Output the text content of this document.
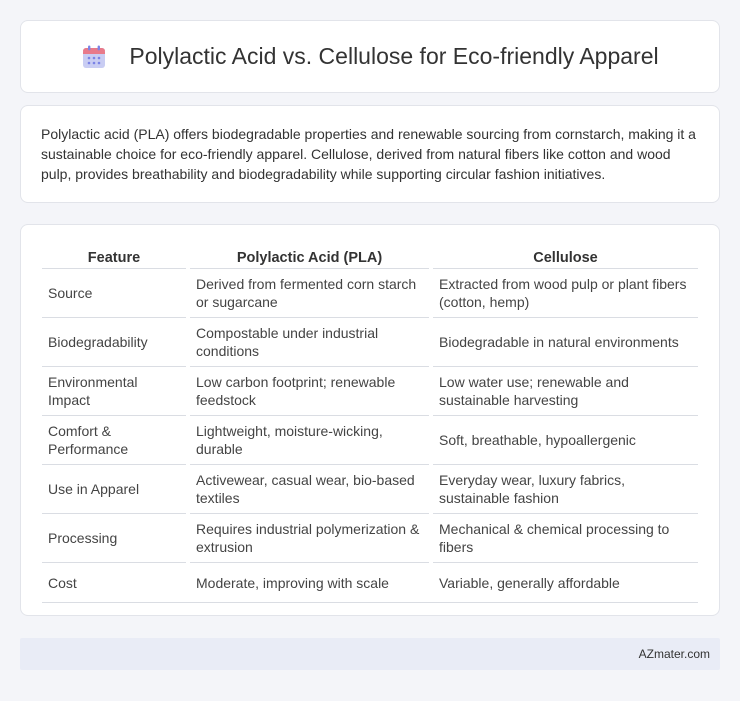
Polylactic Acid vs. Cellulose for Eco-friendly Apparel

Polylactic acid (PLA) offers biodegradable properties and renewable sourcing from cornstarch, making it a sustainable choice for eco-friendly apparel. Cellulose, derived from natural fibers like cotton and wood pulp, provides breathability and biodegradability while supporting circular fashion initiatives.

Feature		Polylactic Acid (PLA)		Cellulose
Source		Derived from fermented corn starch or sugarcane		Extracted from wood pulp or plant fibers (cotton, hemp)
Biodegradability		Compostable under industrial conditions		Biodegradable in natural environments
Environmental Impact		Low carbon footprint; renewable feedstock		Low water use; renewable and sustainable harvesting
Comfort & Performance		Lightweight, moisture-wicking, durable		Soft, breathable, hypoallergenic
Use in Apparel		Activewear, casual wear, bio-based textiles		Everyday wear, luxury fabrics, sustainable fashion
Processing		Requires industrial polymerization & extrusion		Mechanical & chemical processing to fibers
Cost		Moderate, improving with scale		Variable, generally affordable
AZmater.com
